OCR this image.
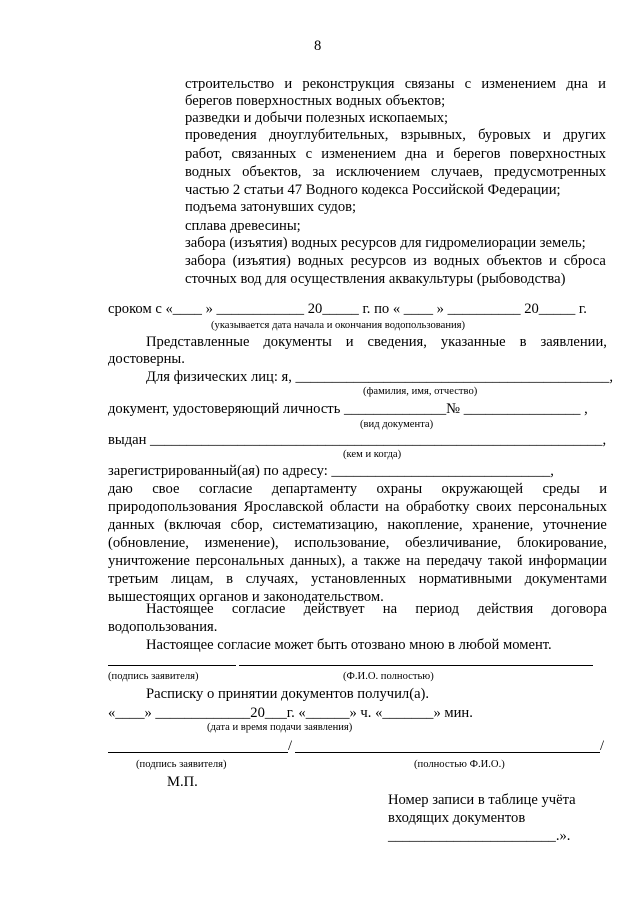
8
строительство и реконструкция связаны с изменением дна и
берегов поверхностных водных объектов;
разведки и добычи полезных ископаемых;
проведения дноуглубительных, взрывных, буровых и других
работ, связанных с изменением дна и берегов поверхностных
водных объектов, за исключением случаев, предусмотренных
частью 2 статьи 47 Водного кодекса Российской Федерации;
подъема затонувших судов;
сплава древесины;
забора (изъятия) водных ресурсов для гидромелиорации земель;
забора (изъятия) водных ресурсов из водных объектов и сброса
сточных вод для осуществления аквакультуры (рыбоводства)
сроком с «____ » ____________ 20_____ г. по « ____ » __________ 20_____ г.
(указывается дата начала и окончания водопользования)
Представленные документы и сведения, указанные в заявлении,
достоверны.
Для физических лиц: я, ___________________________________________,
(фамилия, имя, отчество)
документ, удостоверяющий личность ______________№ ________________ ,
(вид документа)
выдан ______________________________________________________________,
(кем и когда)
зарегистрированный(ая) по адресу: ______________________________,
даю свое согласие департаменту охраны окружающей среды и
природопользования Ярославской области на обработку своих персональных
данных (включая сбор, систематизацию, накопление, хранение, уточнение
(обновление, изменение), использование, обезличивание, блокирование,
уничтожение персональных данных), а также на передачу такой информации
третьим лицам, в случаях, установленных нормативными документами
вышестоящих органов и законодательством.
Настоящее согласие действует на период действия договора
водопользования.
Настоящее согласие может быть отозвано мною в любой момент.
(подпись заявителя)	(Ф.И.О. полностью)
Расписку о принятии документов получил(а).
«____» _____________20___г. «______» ч. «_______» мин.
(дата и время подачи заявления)
/	/
(подпись заявителя)	(полностью Ф.И.О.)
М.П.
Номер записи в таблице учёта
входящих документов
_______________________.».
